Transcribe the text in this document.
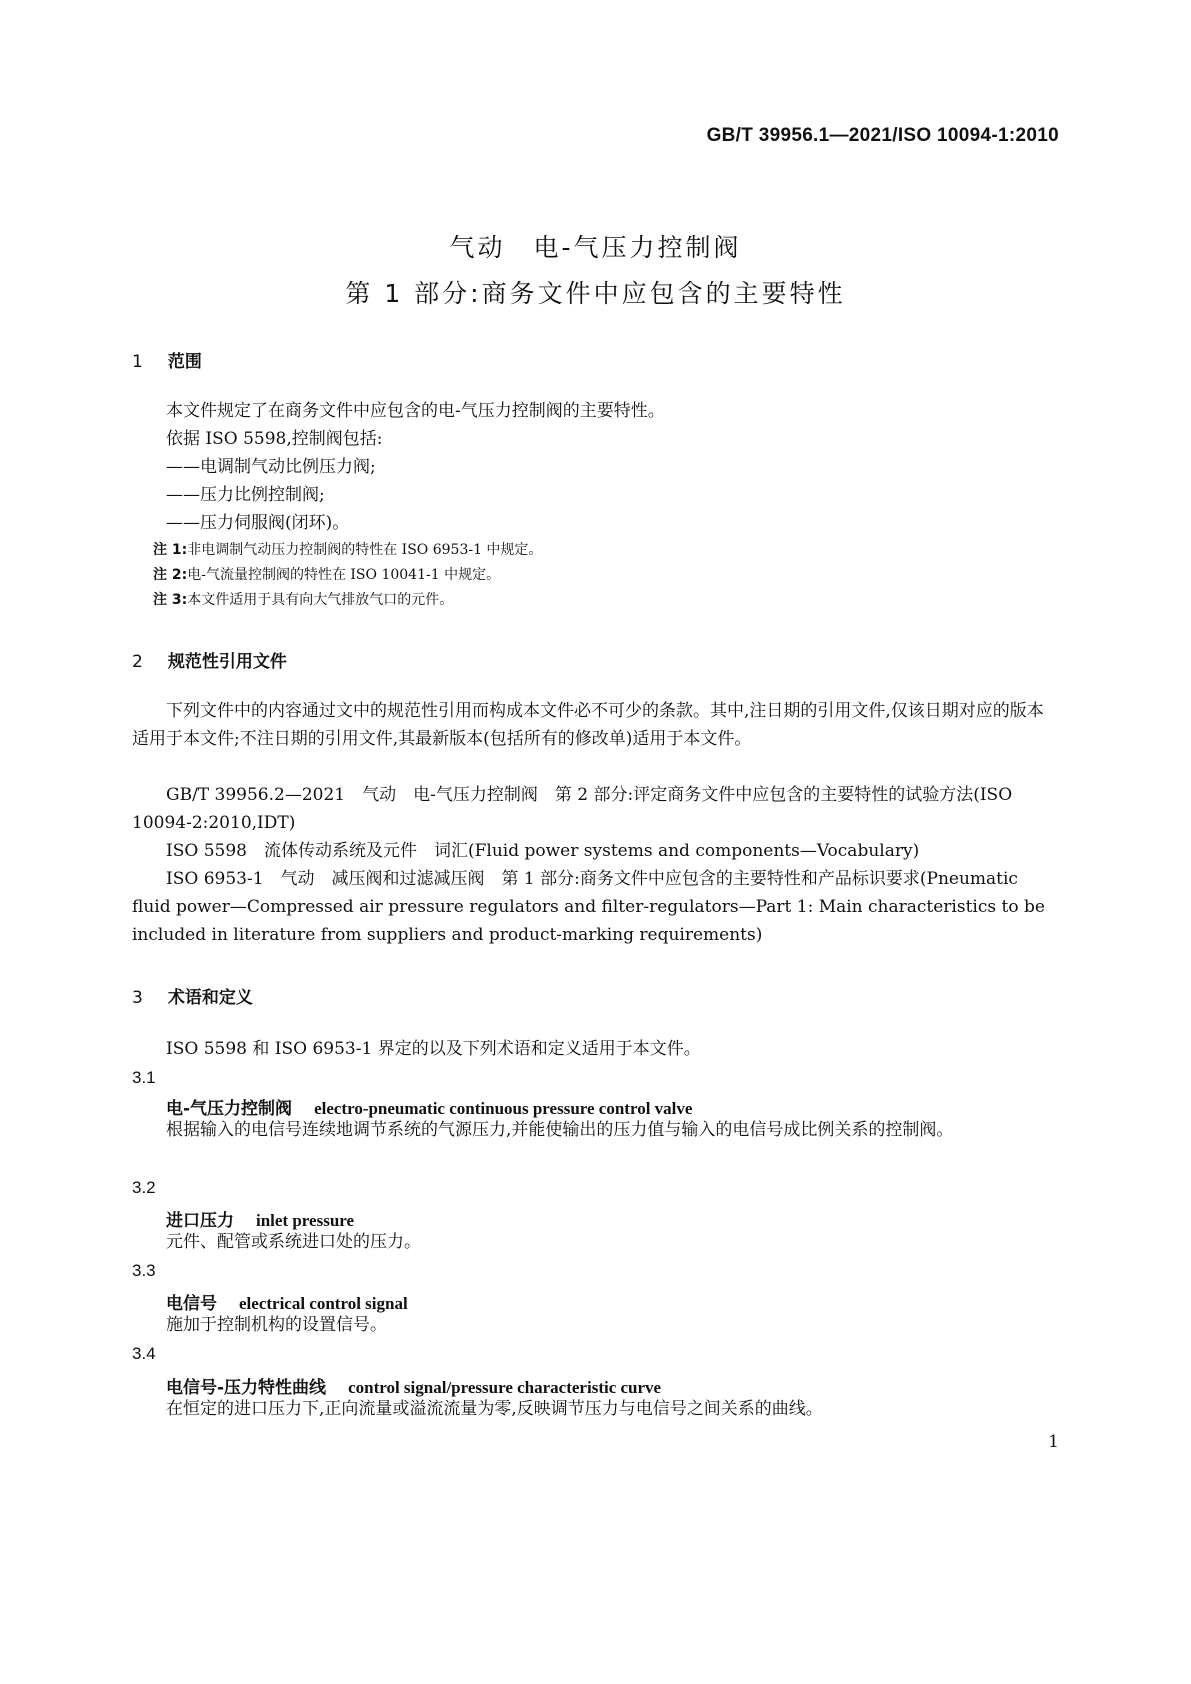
GB/T 39956.1—2021/ISO 10094-1:2010
气动　电-气压力控制阀
第 1 部分:商务文件中应包含的主要特性
1 范围
本文件规定了在商务文件中应包含的电-气压力控制阀的主要特性。
依据 ISO 5598,控制阀包括:
——电调制气动比例压力阀;
——压力比例控制阀;
——压力伺服阀(闭环)。
注 1:非电调制气动压力控制阀的特性在 ISO 6953-1 中规定。
注 2:电-气流量控制阀的特性在 ISO 10041-1 中规定。
注 3:本文件适用于具有向大气排放气口的元件。
2 规范性引用文件
下列文件中的内容通过文中的规范性引用而构成本文件必不可少的条款。其中,注日期的引用文件,仅该日期对应的版本适用于本文件;不注日期的引用文件,其最新版本(包括所有的修改单)适用于本文件。
GB/T 39956.2—2021　气动　电-气压力控制阀　第 2 部分:评定商务文件中应包含的主要特性的试验方法(ISO 10094-2:2010,IDT)
ISO 5598　流体传动系统及元件　词汇(Fluid power systems and components—Vocabulary)
ISO 6953-1　气动　减压阀和过滤减压阀　第 1 部分:商务文件中应包含的主要特性和产品标识要求(Pneumatic fluid power—Compressed air pressure regulators and filter-regulators—Part 1: Main characteristics to be included in literature from suppliers and product-marking requirements)
3 术语和定义
ISO 5598 和 ISO 6953-1 界定的以及下列术语和定义适用于本文件。
3.1
电-气压力控制阀 electro-pneumatic continuous pressure control valve
根据输入的电信号连续地调节系统的气源压力,并能使输出的压力值与输入的电信号成比例关系的控制阀。
3.2
进口压力 inlet pressure
元件、配管或系统进口处的压力。
3.3
电信号 electrical control signal
施加于控制机构的设置信号。
3.4
电信号-压力特性曲线 control signal/pressure characteristic curve
在恒定的进口压力下,正向流量或溢流流量为零,反映调节压力与电信号之间关系的曲线。
1
